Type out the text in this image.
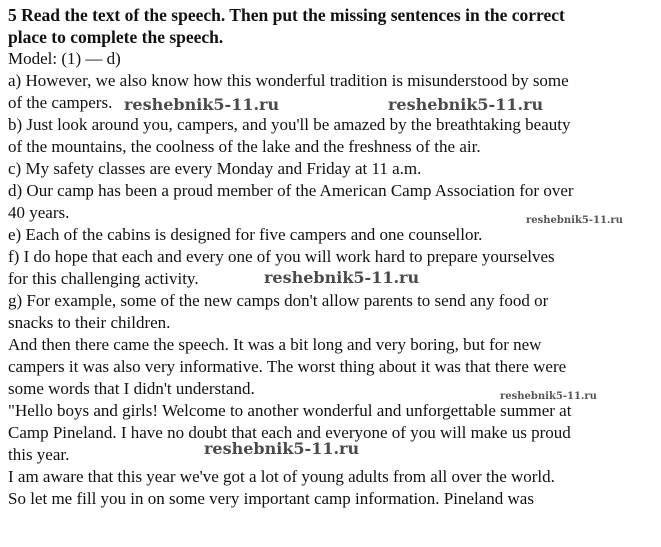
5 Read the text of the speech. Then put the missing sentences in the correct
place to complete the speech.
Model: (1) — d)
a) However, we also know how this wonderful tradition is misunderstood by some
of the campers. reshebnik5-11.ru	reshebnik5-11.ru
b) Just look around you, campers, and you'll be amazed by the breathtaking beauty
of the mountains, the coolness of the lake and the freshness of the air.
c) My safety classes are every Monday and Friday at 11 a.m.
d) Our camp has been a proud member of the American Camp Association for over
40 years.	reshebnik5-11.ru
e) Each of the cabins is designed for five campers and one counsellor.
f) I do hope that each and every one of you will work hard to prepare yourselves
for this challenging activity.	reshebnik5-11.ru
g) For example, some of the new camps don't allow parents to send any food or
snacks to their children.
And then there came the speech. It was a bit long and very boring, but for new
campers it was also very informative. The worst thing about it was that there were
some words that I didn't understand.	reshebnik5-11.ru
"Hello boys and girls! Welcome to another wonderful and unforgettable summer at
Camp Pineland. I have no doubt that each and everyone of you will make us proud
this year.	reshebnik5-11.ru
I am aware that this year we've got a lot of young adults from all over the world.
So let me fill you in on some very important camp information. Pineland was
